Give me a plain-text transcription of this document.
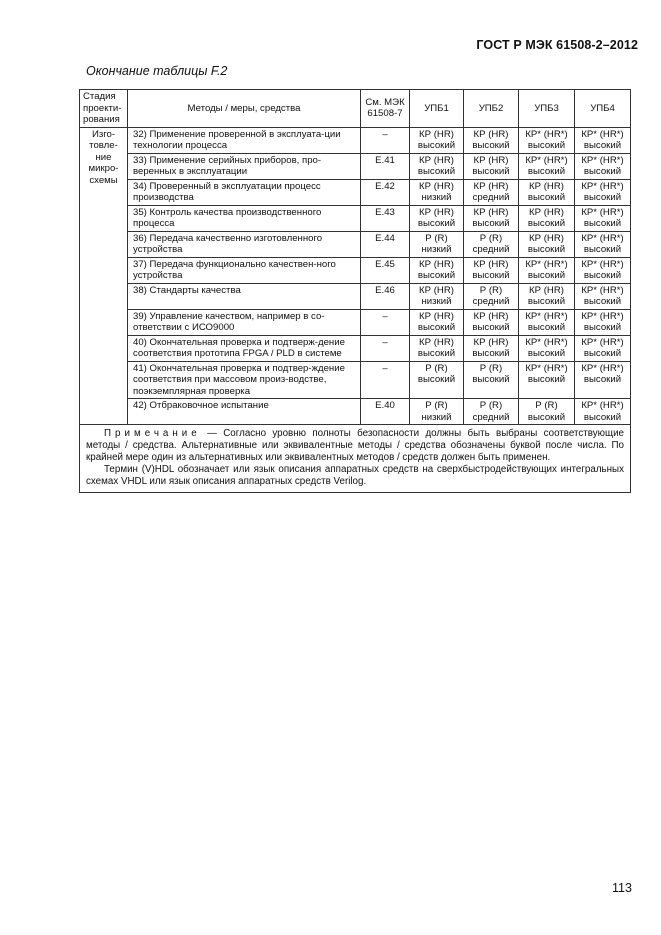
ГОСТ Р МЭК 61508-2–2012
Окончание таблицы F.2
Стадия проекти-рования	Методы / меры, средства	См. МЭК 61508-7	УПБ1	УПБ2	УПБ3	УПБ4
Изго-товле-ние микро-схемы	32) Применение проверенной в эксплуата-ции технологии процесса	–	КР (HR) высокий	КР (HR) высокий	КР* (HR*) высокий	КР* (HR*) высокий
	33) Применение серийных приборов, про-веренных в эксплуатации	E.41	КР (HR) высокий	КР (HR) высокий	КР* (HR*) высокий	КР* (HR*) высокий
	34) Проверенный в эксплуатации процесс производства	E.42	КР (HR) низкий	КР (HR) средний	КР (HR) высокий	КР* (HR*) высокий
	35) Контроль качества производственного процесса	E.43	КР (HR) высокий	КР (HR) высокий	КР (HR) высокий	КР* (HR*) высокий
	36) Передача качественно изготовленного устройства	E.44	Р (R) низкий	Р (R) средний	КР (HR) высокий	КР* (HR*) высокий
	37) Передача функционально качествен-ного устройства	E.45	КР (HR) высокий	КР (HR) высокий	КР* (HR*) высокий	КР* (HR*) высокий
	38) Стандарты качества	E.46	КР (HR) низкий	Р (R) средний	КР (HR) высокий	КР* (HR*) высокий
	39) Управление качеством, например в со-ответствии с ИСО9000	–	КР (HR) высокий	КР (HR) высокий	КР* (HR*) высокий	КР* (HR*) высокий
	40) Окончательная проверка и подтверж-дение соответствия прототипа FPGA / PLD в системе	–	КР (HR) высокий	КР (HR) высокий	КР* (HR*) высокий	КР* (HR*) высокий
	41) Окончательная проверка и подтвер-ждение соответствия при массовом произ-водстве, поэкземплярная проверка	–	Р (R) высокий	Р (R) высокий	КР* (HR*) высокий	КР* (HR*) высокий
	42) Отбраковочное испытание	E.40	Р (R) низкий	Р (R) средний	Р (R) высокий	КР* (HR*) высокий

Примечание — Согласно уровню полноты безопасности должны быть выбраны соответствующие методы / средства. Альтернативные или эквивалентные методы / средства обозначены буквой после числа. По крайней мере один из альтернативных или эквивалентных методов / средств должен быть применен.

Термин (V)HDL обозначает или язык описания аппаратных средств на сверхбыстродействующих интегральных схемах VHDL или язык описания аппаратных средств Verilog.						

113
